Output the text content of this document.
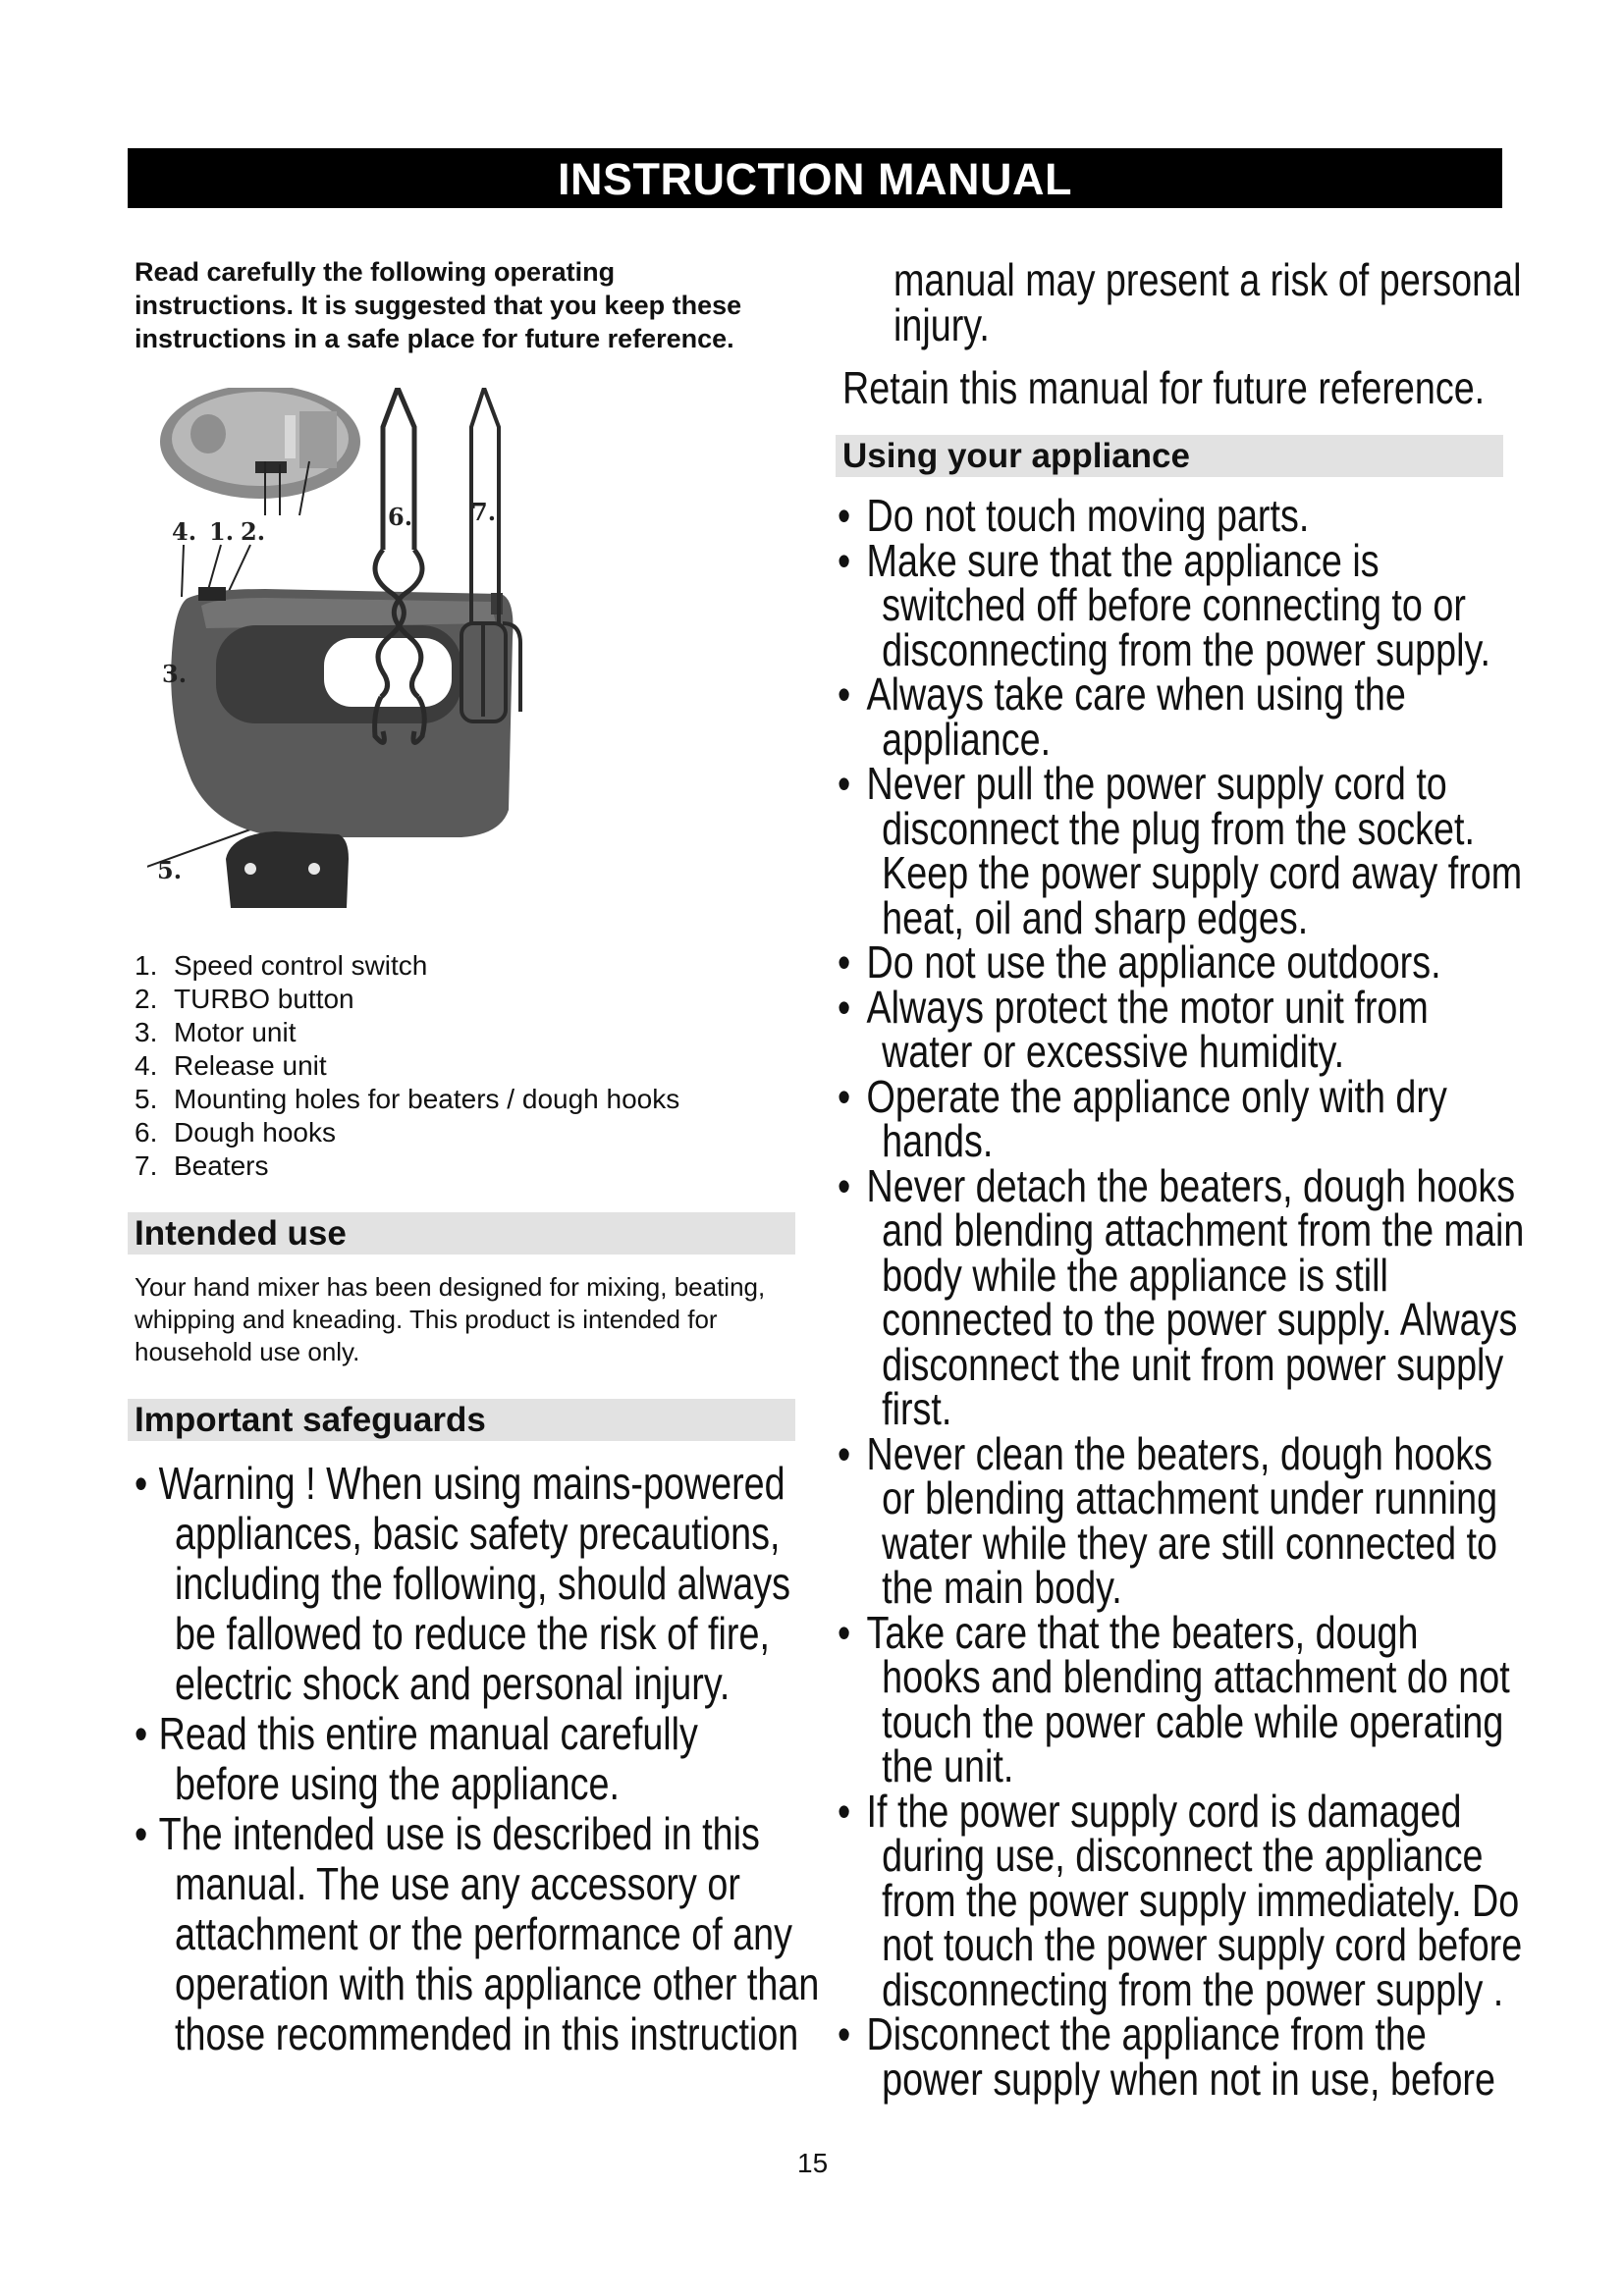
INSTRUCTION MANUAL	EN

Read carefully the following operating instructions. It is suggested that you keep these instructions in a safe place for future reference.

4. 1. 2.
3.
5.
6. 7.
1. Speed control switch
2. TURBO button
3. Motor unit
4. Release unit
5. Mounting holes for beaters / dough hooks
6. Dough hooks
7. Beaters
Intended use

Your hand mixer has been designed for mixing, beating, whipping and kneading. This product is intended for household use only.

Important safeguards
• Warning ! When using mains-powered
appliances, basic safety precautions,
including the following, should always
be fallowed to reduce the risk of fire,
electric shock and personal injury.
• Read this entire manual carefully
before using the appliance.
• The intended use is described in this
manual. The use any accessory or
attachment or the performance of any
operation with this appliance other than
those recommended in this instruction
manual may present a risk of personal
injury.
Retain this manual for future reference.
Using your appliance
• Do not touch moving parts.
• Make sure that the appliance is
switched off before connecting to or
disconnecting from the power supply.
• Always take care when using the
appliance.
• Never pull the power supply cord to
disconnect the plug from the socket.
Keep the power supply cord away from
heat, oil and sharp edges.
• Do not use the appliance outdoors.
• Always protect the motor unit from
water or excessive humidity.
• Operate the appliance only with dry
hands.
• Never detach the beaters, dough hooks
and blending attachment from the main
body while the appliance is still
connected to the power supply. Always
disconnect the unit from power supply
first.
• Never clean the beaters, dough hooks
or blending attachment under running
water while they are still connected to
the main body.
• Take care that the beaters, dough
hooks and blending attachment do not
touch the power cable while operating
the unit.
• If the power supply cord is damaged
during use, disconnect the appliance
from the power supply immediately. Do
not touch the power supply cord before
disconnecting from the power supply .
• Disconnect the appliance from the
power supply when not in use, before
15
